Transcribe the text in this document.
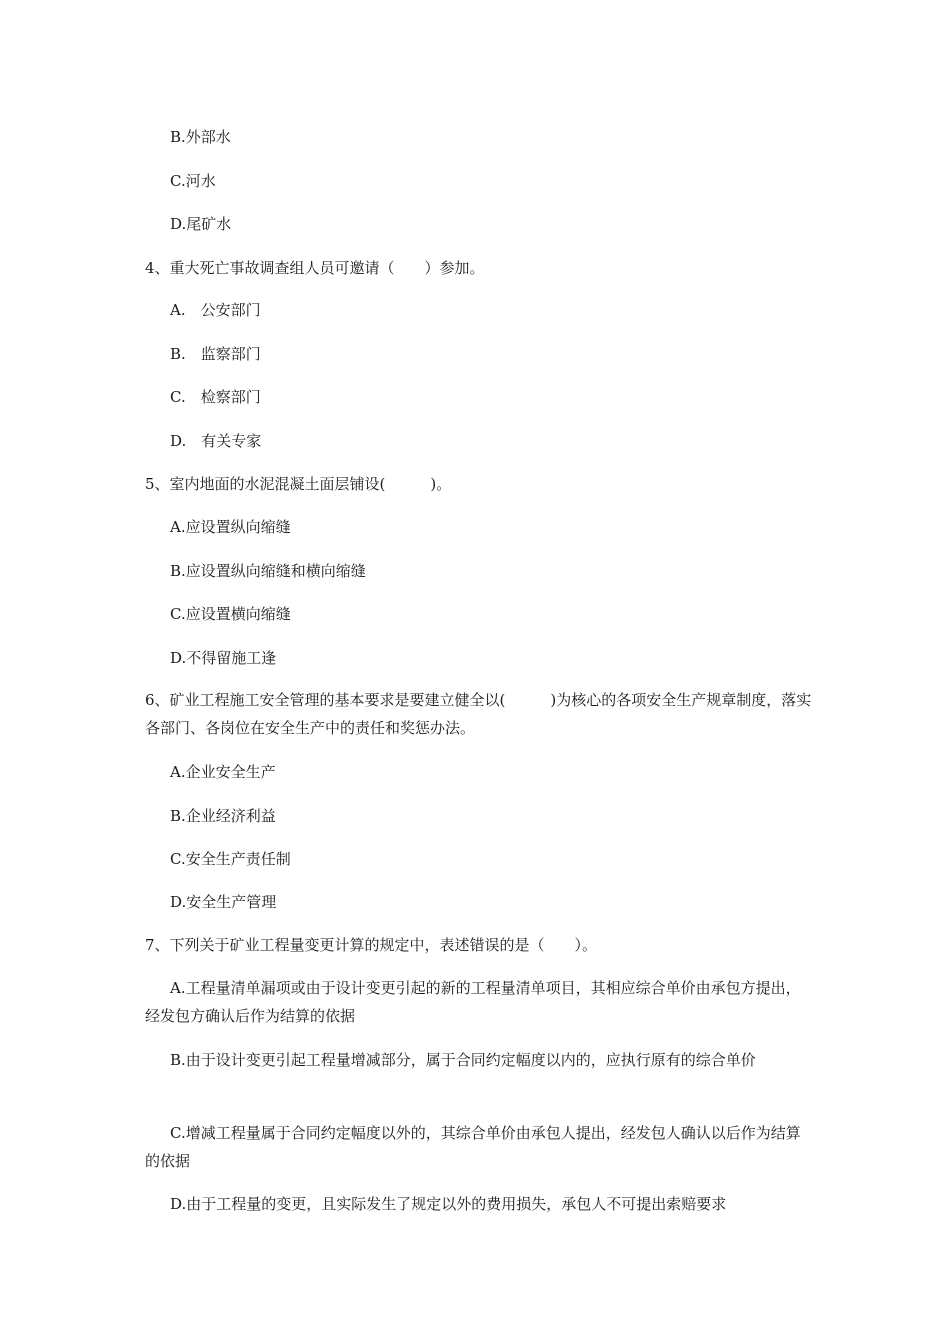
B.外部水
C.河水
D.尾矿水
4、重大死亡事故调查组人员可邀请（　　）参加。
A.　公安部门
B.　监察部门
C.　检察部门
D.　有关专家
5、室内地面的水泥混凝土面层铺设(　　　)。
A.应设置纵向缩缝
B.应设置纵向缩缝和横向缩缝
C.应设置横向缩缝
D.不得留施工逢
6、矿业工程施工安全管理的基本要求是要建立健全以(　　　)为核心的各项安全生产规章制度，落实各部门、各岗位在安全生产中的责任和奖惩办法。
A.企业安全生产
B.企业经济利益
C.安全生产责任制
D.安全生产管理
7、下列关于矿业工程量变更计算的规定中，表述错误的是（　　）。
A.工程量清单漏项或由于设计变更引起的新的工程量清单项目，其相应综合单价由承包方提出，经发包方确认后作为结算的依据
B.由于设计变更引起工程量增减部分，属于合同约定幅度以内的，应执行原有的综合单价
C.增减工程量属于合同约定幅度以外的，其综合单价由承包人提出，经发包人确认以后作为结算的依据
D.由于工程量的变更，且实际发生了规定以外的费用损失，承包人不可提出索赔要求
